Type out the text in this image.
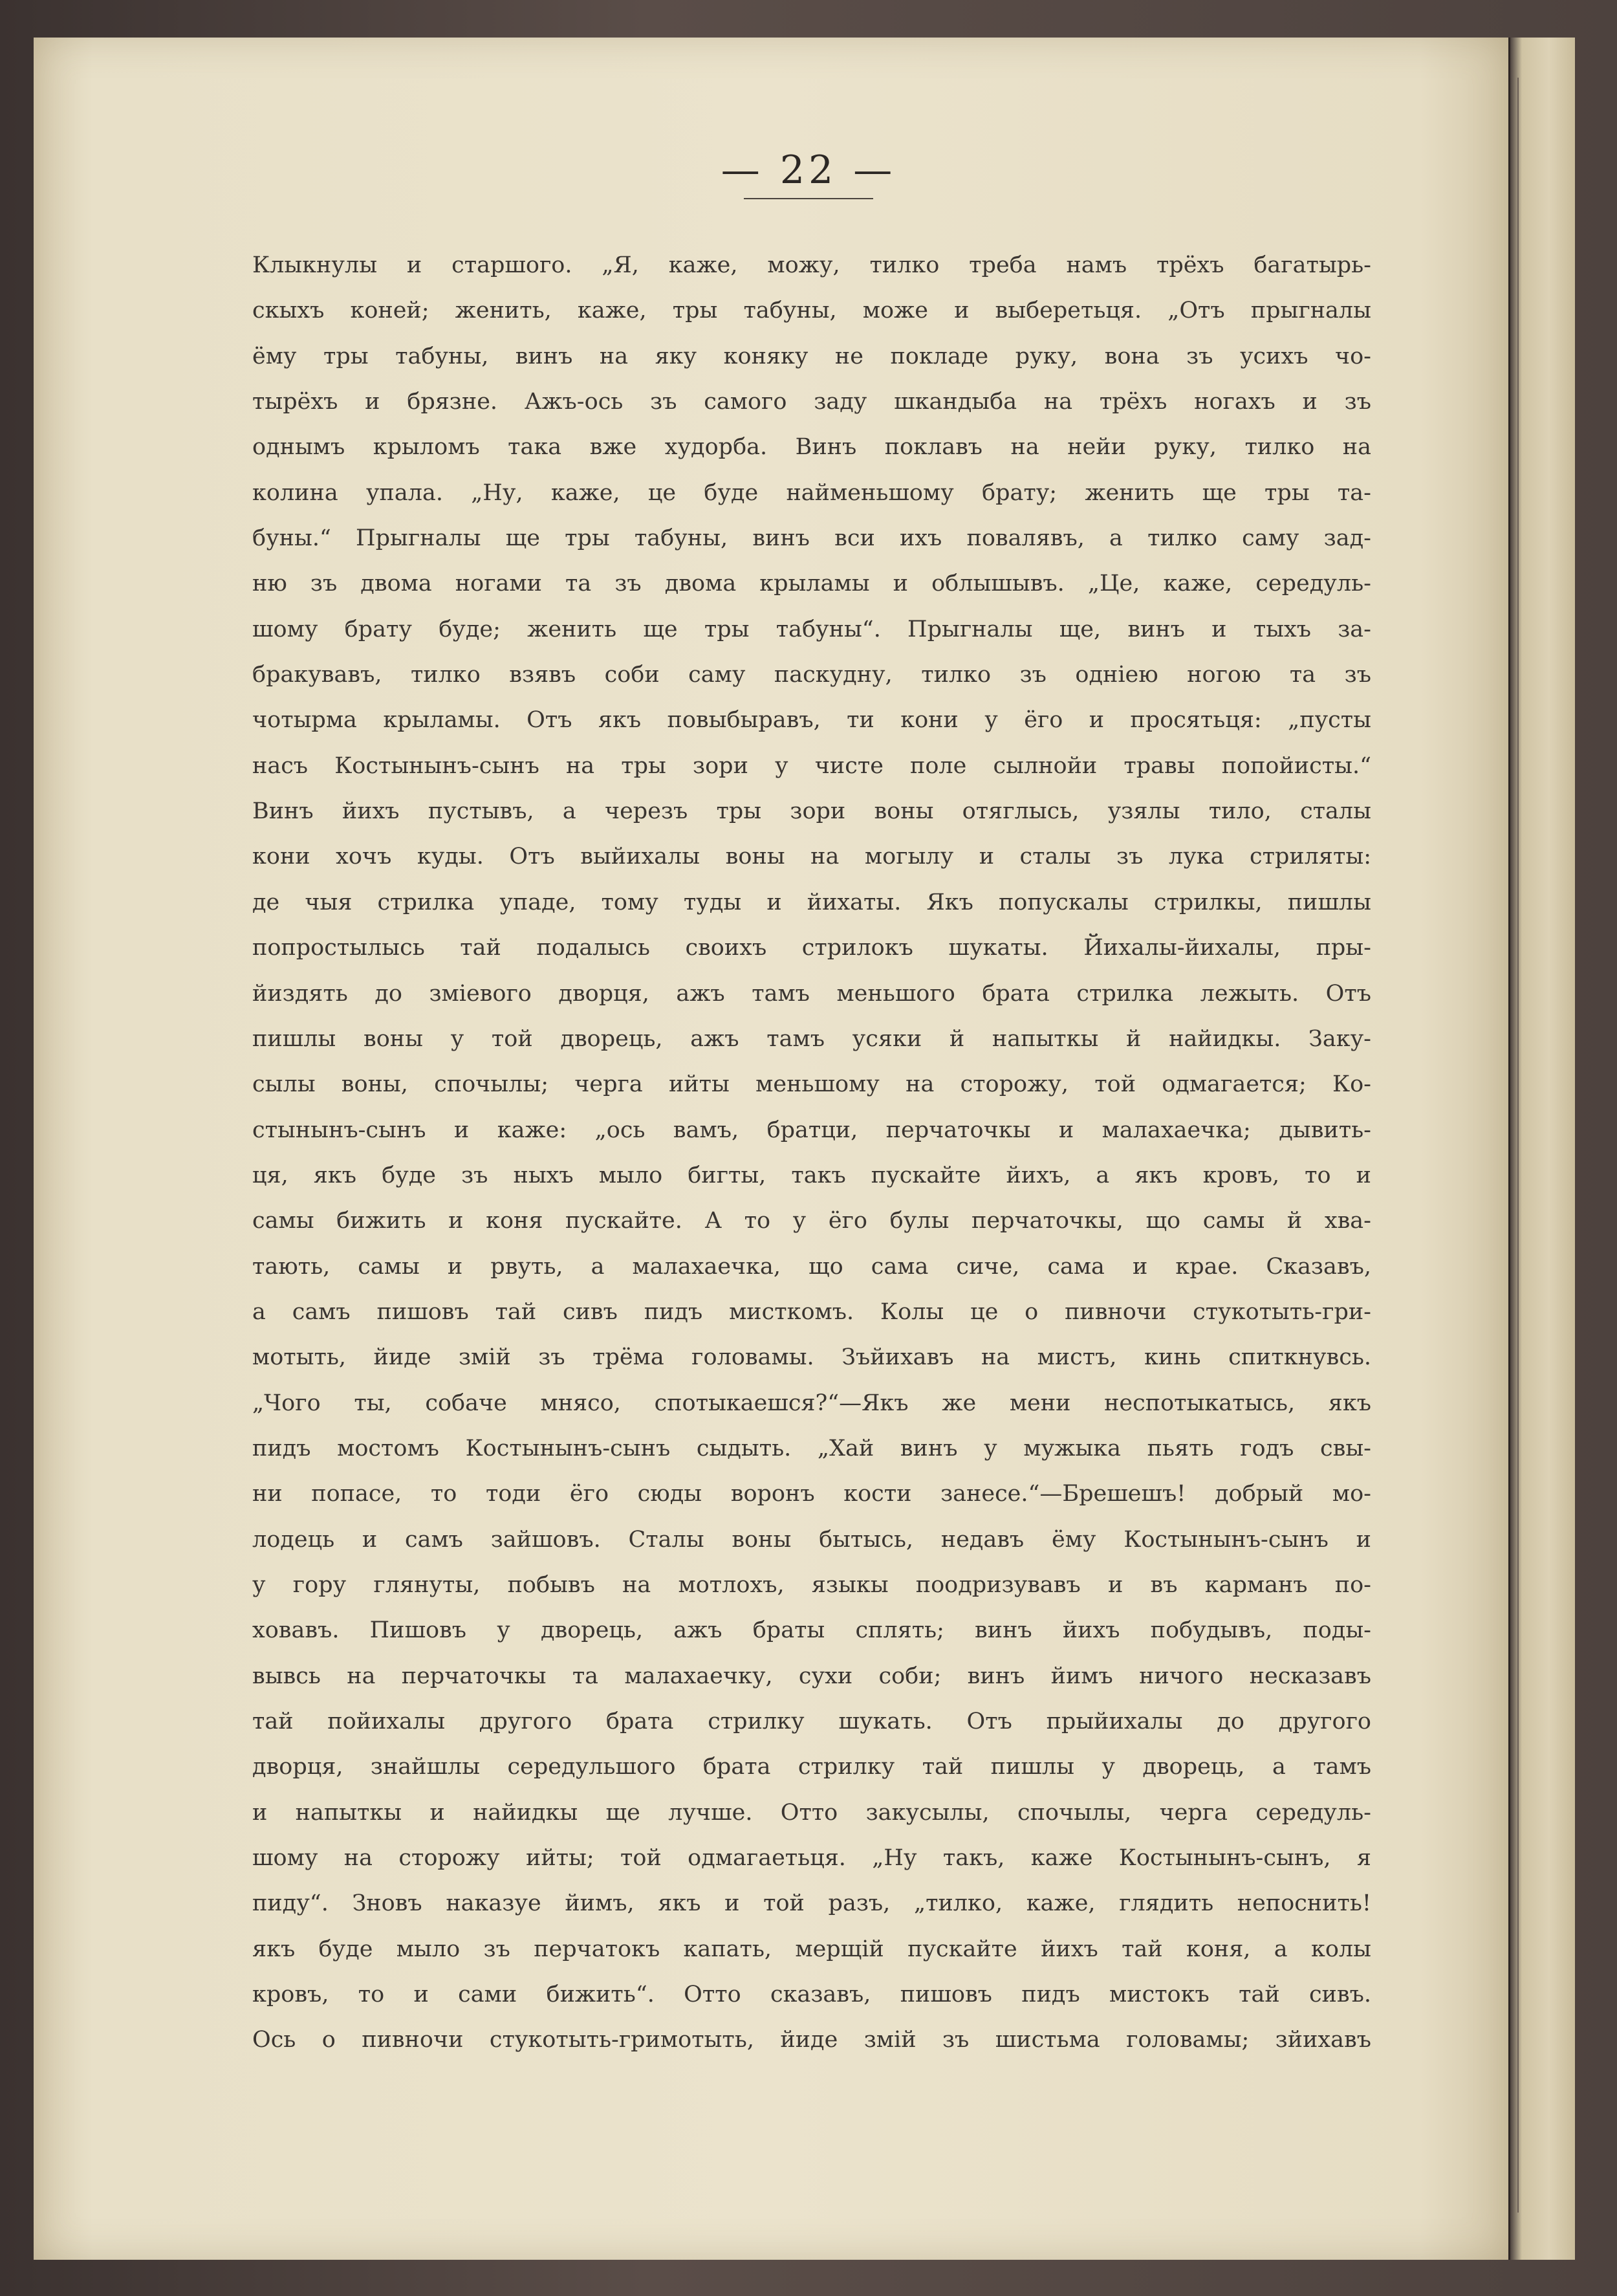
— 22 —
Клыкнулы и старшого. „Я, каже, можу, тилко треба намъ трёхъ багатырь-
скыхъ коней; женить, каже, тры табуны, може и выберетьця. „Отъ прыгналы
ёму тры табуны, винъ на яку коняку не покладе руку, вона зъ усихъ чо-
тырёхъ и брязне. Ажъ-ось зъ самого заду шкандыба на трёхъ ногахъ и зъ
однымъ крыломъ така вже худорба. Винъ поклавъ на нейи руку, тилко на
колина упала. „Ну, каже, це буде найменьшому брату; женить ще тры та-
буны.“ Прыгналы ще тры табуны, винъ вси ихъ повалявъ, а тилко саму зад-
ню зъ двома ногами та зъ двома крыламы и облышывъ. „Це, каже, середуль-
шому брату буде; женить ще тры табуны“. Прыгналы ще, винъ и тыхъ за-
бракувавъ, тилко взявъ соби саму паскудну, тилко зъ одніею ногою та зъ
чотырма крыламы. Отъ якъ повыбыравъ, ти кони у ёго и просятьця: „пусты
насъ Костынынъ-сынъ на тры зори у чисте поле сылнойи травы попойисты.“
Винъ йихъ пустывъ, а черезъ тры зори воны отяглысь, узялы тило, сталы
кони хочъ куды. Отъ выйихалы воны на могылу и сталы зъ лука стриляты:
де чыя стрилка упаде, тому туды и йихаты. Якъ попускалы стрилкы, пишлы
попростылысь тай подалысь своихъ стрилокъ шукаты. Йихалы-йихалы, пры-
йиздять до зміевого дворця, ажъ тамъ меньшого брата стрилка лежыть. Отъ
пишлы воны у той дворець, ажъ тамъ усяки й напыткы й найидкы. Заку-
сылы воны, спочылы; черга ийты меньшому на сторожу, той одмагается; Ко-
стынынъ-сынъ и каже: „ось вамъ, братци, перчаточкы и малахаечка; дывить-
ця, якъ буде зъ ныхъ мыло бигты, такъ пускайте йихъ, а якъ кровъ, то и
самы бижить и коня пускайте. А то у ёго булы перчаточкы, що самы й хва-
тають, самы и рвуть, а малахаечка, що сама сиче, сама и крае. Сказавъ,
а самъ пишовъ тай сивъ пидъ мисткомъ. Колы це о пивночи стукотыть-гри-
мотыть, йиде змій зъ трёма головамы. Зъйихавъ на мистъ, кинь спиткнувсь.
„Чого ты, собаче мнясо, спотыкаешся?“—Якъ же мени неспотыкатысь, якъ
пидъ мостомъ Костынынъ-сынъ сыдыть. „Хай винъ у мужыка пьять годъ свы-
ни попасе, то тоди ёго сюды воронъ кости занесе.“—Брешешъ! добрый мо-
лодець и самъ зайшовъ. Сталы воны бытысь, недавъ ёму Костынынъ-сынъ и
у гору глянуты, побывъ на мотлохъ, языкы поодризувавъ и въ карманъ по-
ховавъ. Пишовъ у дворець, ажъ браты сплять; винъ йихъ побудывъ, поды-
вывсь на перчаточкы та малахаечку, сухи соби; винъ йимъ ничого несказавъ
тай пойихалы другого брата стрилку шукать. Отъ прыйихалы до другого
дворця, знайшлы середульшого брата стрилку тай пишлы у дворець, а тамъ
и напыткы и найидкы ще лучше. Отто закусылы, спочылы, черга середуль-
шому на сторожу ийты; той одмагаетьця. „Ну такъ, каже Костынынъ-сынъ, я
пиду“. Зновъ наказуе йимъ, якъ и той разъ, „тилко, каже, глядить непоснить!
якъ буде мыло зъ перчатокъ капать, мерщій пускайте йихъ тай коня, а колы
кровъ, то и сами бижить“. Отто сказавъ, пишовъ пидъ мистокъ тай сивъ.
Ось о пивночи стукотыть-гримотыть, йиде змій зъ шистьма головамы; зйихавъ
